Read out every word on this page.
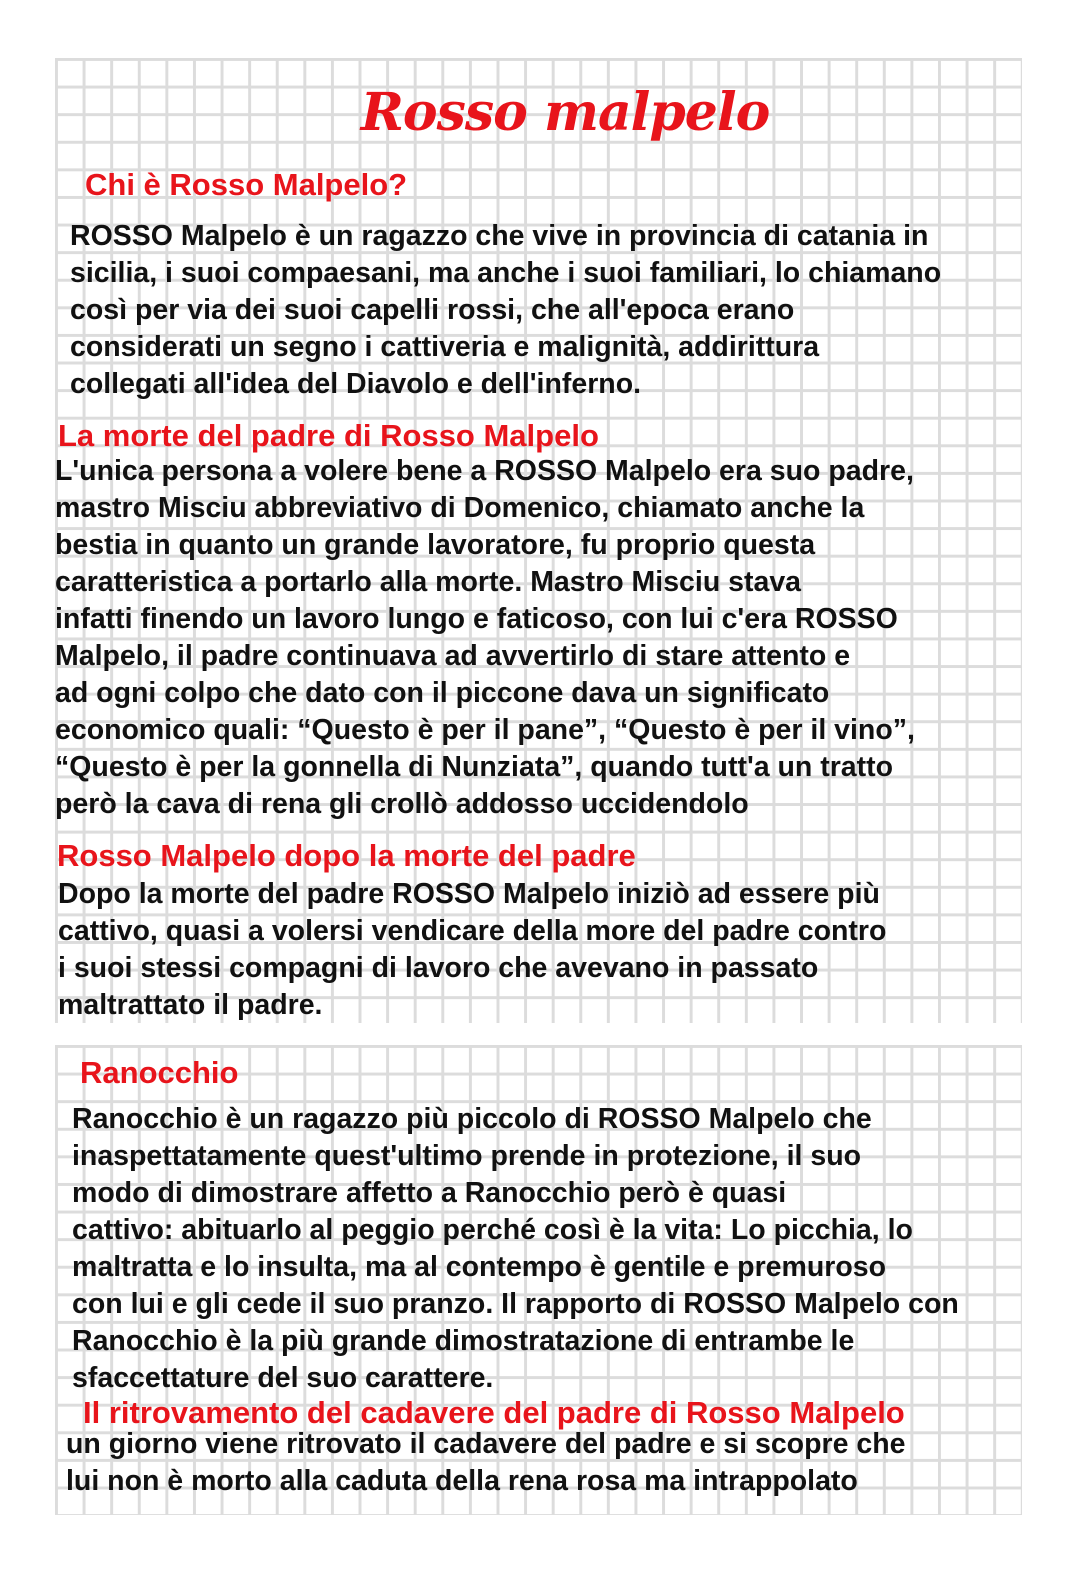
Rosso malpelo
Chi è Rosso Malpelo?
ROSSO Malpelo è un ragazzo che vive in provincia di catania in
sicilia, i suoi compaesani, ma anche i suoi familiari, lo chiamano
così per via dei suoi capelli rossi, che all'epoca erano
considerati un segno i cattiveria e malignità, addirittura
collegati all'idea del Diavolo e dell'inferno.
La morte del padre di Rosso Malpelo
L'unica persona a volere bene a ROSSO Malpelo era suo padre,
mastro Misciu abbreviativo di Domenico, chiamato anche la
bestia in quanto un grande lavoratore, fu proprio questa
caratteristica a portarlo alla morte. Mastro Misciu stava
infatti finendo un lavoro lungo e faticoso, con lui c'era ROSSO
Malpelo, il padre continuava ad avvertirlo di stare attento e
ad ogni colpo che dato con il piccone dava un significato
economico quali: “Questo è per il pane”, “Questo è per il vino”,
“Questo è per la gonnella di Nunziata”, quando tutt'a un tratto
però la cava di rena gli crollò addosso uccidendolo
Rosso Malpelo dopo la morte del padre
Dopo la morte del padre ROSSO Malpelo iniziò ad essere più
cattivo, quasi a volersi vendicare della more del padre contro
i suoi stessi compagni di lavoro che avevano in passato
maltrattato il padre.
Ranocchio
Ranocchio è un ragazzo più piccolo di ROSSO Malpelo che
inaspettatamente quest'ultimo prende in protezione, il suo
modo di dimostrare affetto a Ranocchio però è quasi
cattivo: abituarlo al peggio perché così è la vita: Lo picchia, lo
maltratta e lo insulta, ma al contempo è gentile e premuroso
con lui e gli cede il suo pranzo. Il rapporto di ROSSO Malpelo con
Ranocchio è la più grande dimostratazione di entrambe le
sfaccettature del suo carattere.
Il ritrovamento del cadavere del padre di Rosso Malpelo
un giorno viene ritrovato il cadavere del padre e si scopre che
lui non è morto alla caduta della rena rosa ma intrappolato
